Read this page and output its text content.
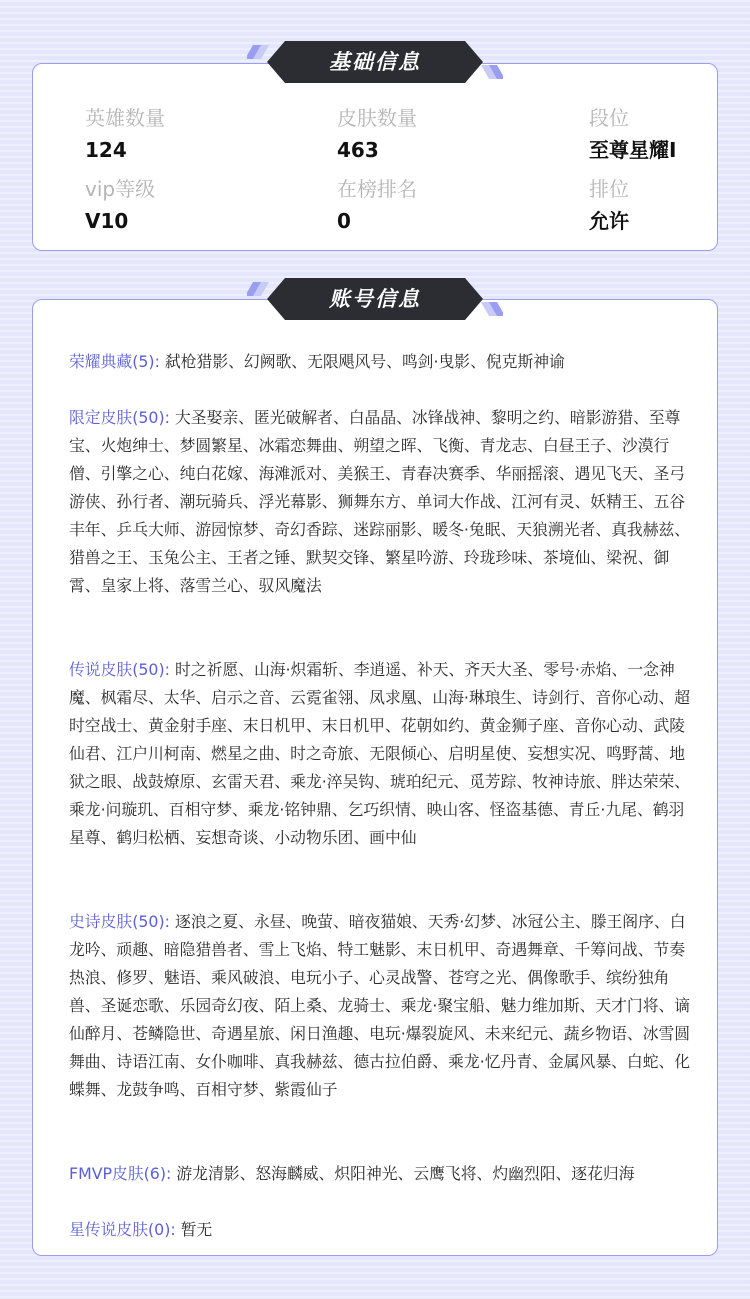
英雄数量
124
皮肤数量
463
段位
至尊星耀I
vip等级
V10
在榜排名
0
排位
允许
基础信息
荣耀典藏(5): 弑枪猎影、幻阙歌、无限飓风号、鸣剑·曳影、倪克斯神谕
限定皮肤(50): 大圣娶亲、匿光破解者、白晶晶、冰锋战神、黎明之约、暗影游猎、至尊宝、火炮绅士、梦圆繁星、冰霜恋舞曲、朔望之晖、飞衡、青龙志、白昼王子、沙漠行僧、引擎之心、纯白花嫁、海滩派对、美猴王、青春决赛季、华丽摇滚、遇见飞天、圣弓游侠、孙行者、潮玩骑兵、浮光幕影、狮舞东方、单词大作战、江河有灵、妖精王、五谷丰年、乒乓大师、游园惊梦、奇幻香踪、迷踪丽影、暖冬·兔眠、天狼溯光者、真我赫兹、猎兽之王、玉兔公主、王者之锤、默契交锋、繁星吟游、玲珑珍味、茶境仙、梁祝、御霄、皇家上将、落雪兰心、驭风魔法
传说皮肤(50): 时之祈愿、山海·炽霜斩、李逍遥、补天、齐天大圣、零号·赤焰、一念神魔、枫霜尽、太华、启示之音、云霓雀翎、凤求凰、山海·琳琅生、诗剑行、音你心动、超时空战士、黄金射手座、末日机甲、末日机甲、花朝如约、黄金狮子座、音你心动、武陵仙君、江户川柯南、燃星之曲、时之奇旅、无限倾心、启明星使、妄想实况、鸣野蒿、地狱之眼、战鼓燎原、玄雷天君、乘龙·淬吴钩、琥珀纪元、觅芳踪、牧神诗旅、胖达荣荣、乘龙·问璇玑、百相守梦、乘龙·铭钟鼎、乞巧织情、映山客、怪盗基德、青丘·九尾、鹤羽星尊、鹤归松栖、妄想奇谈、小动物乐团、画中仙
史诗皮肤(50): 逐浪之夏、永昼、晚萤、暗夜猫娘、天秀·幻梦、冰冠公主、滕王阁序、白龙吟、顽趣、暗隐猎兽者、雪上飞焰、特工魅影、末日机甲、奇遇舞章、千筹问战、节奏热浪、修罗、魅语、乘风破浪、电玩小子、心灵战警、苍穹之光、偶像歌手、缤纷独角兽、圣诞恋歌、乐园奇幻夜、陌上桑、龙骑士、乘龙·聚宝船、魅力维加斯、天才门将、谪仙醉月、苍鳞隐世、奇遇星旅、闲日渔趣、电玩·爆裂旋风、未来纪元、蔬乡物语、冰雪圆舞曲、诗语江南、女仆咖啡、真我赫兹、德古拉伯爵、乘龙·忆丹青、金属风暴、白蛇、化蝶舞、龙鼓争鸣、百相守梦、紫霞仙子
FMVP皮肤(6): 游龙清影、怒海麟威、炽阳神光、云鹰飞将、灼幽烈阳、逐花归海
星传说皮肤(0): 暂无
账号信息
